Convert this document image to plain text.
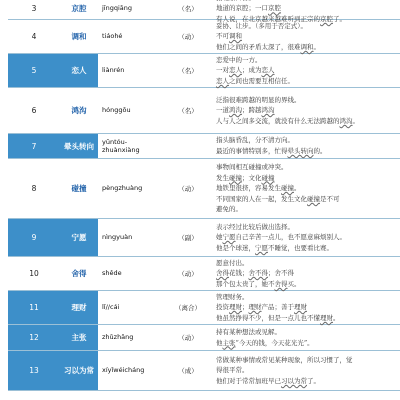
3	京腔	jīngqiāng	（名）	地道的京腔；一口京腔
有人说，在北京越来越难听到正宗的京腔了。
4	调和	tiáohé	（动）
妥协、让步。（多用于否定式）。
不可调和
他们之间的矛盾太深了，很难调和。
5	恋人	liànrén	（名）
恋爱中的一方。
一对恋人；成为恋人
恋人之间也需要互相信任。
6	鸿沟	hónggōu	（名）
泛指很难跨越的明显的界线。
一道鸿沟；跨越鸿沟
人与人之间多交流，就没有什么无法跨越的鸿沟。
7	晕头转向	yūntóu-
zhuànxiàng
指头脑昏乱，分不清方向。
最近的事情特别多，忙得晕头转向的。
8	碰撞	pèngzhuàng	（动）
事物间相互碰撞或冲突。
发生碰撞；文化碰撞
地铁里很挤，容易发生碰撞。
不同国家的人在一起，发生文化碰撞是不可
避免的。
9	宁愿	nìngyuàn	（副）
表示经过比较后做出选择。
她宁愿自己辛苦一点儿，也不愿意麻烦别人。
他是个球迷，宁愿不睡觉，也要看比赛。
10	舍得	shěde	（动）
愿意付出。
舍得花钱；舍不得；舍不得
那个包太贵了，她不舍得买。
11	理财	lǐ//cái	（离合）
管理财务。
投资理财；理财产品；善于理财
他虽然挣得不少，但是一点儿也不懂理财。
12	主张	zhǔzhāng	（动）
持有某种想法或见解。
他主张“今天的钱，今天花光光”。
13	习以为常	xíyǐwéicháng	（成）
常做某种事情或常见某种现象，所以习惯了，觉
得很平常。
他们对于常常加班早已习以为常了。
